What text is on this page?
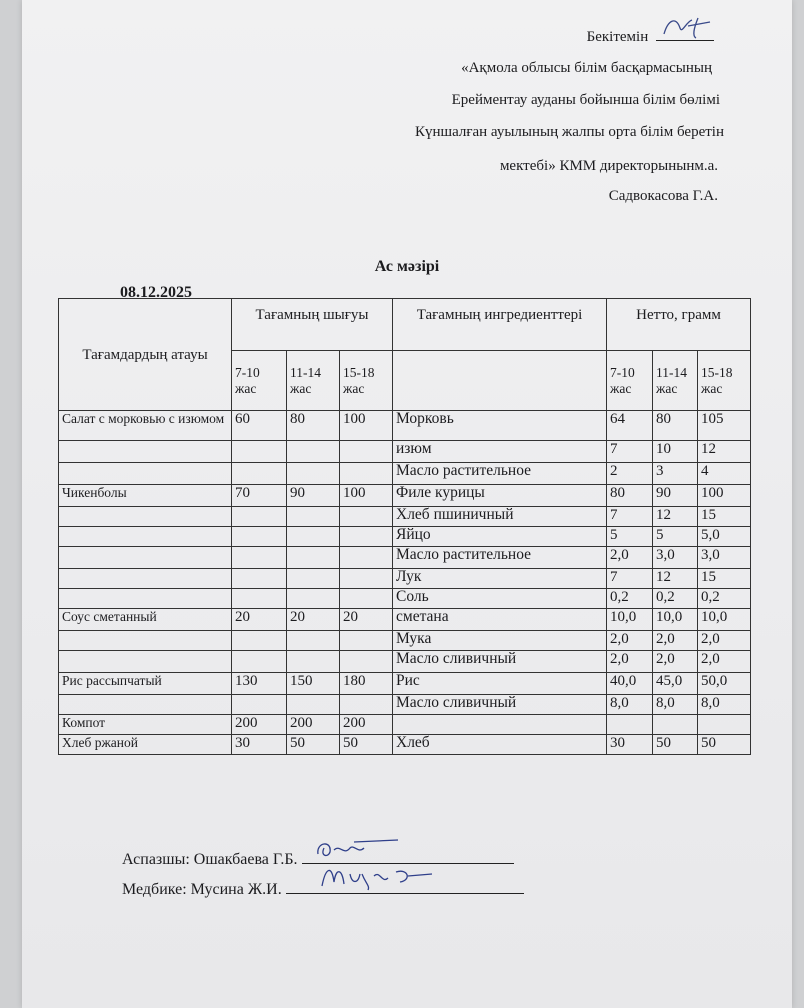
Бекітемін
«Ақмола облысы білім басқармасының
Ерейментау ауданы бойынша білім бөлімі
Күншалған ауылының жалпы орта білім беретін
мектебі» КММ директорынынм.а.
Садвокасова Г.А.
Ас мәзірі
08.12.2025
Тағамдардың атауы	Тағамның шығуы			Тағамның ингредиенттері	Нетто, грамм		
	7-10 жас	11-14 жас	15-18 жас		7-10 жас	11-14 жас	15-18 жас
Салат с морковью с изюмом	60	80	100	Морковь	64	80	105
				изюм	7	10	12
				Масло растительное	2	3	4
Чикенболы	70	90	100	Филе курицы	80	90	100
				Хлеб пшиничный	7	12	15
				Яйцо	5	5	5,0
				Масло растительное	2,0	3,0	3,0
				Лук	7	12	15
				Соль	0,2	0,2	0,2
Соус сметанный	20	20	20	сметана	10,0	10,0	10,0
				Мука	2,0	2,0	2,0
				Масло сливичный	2,0	2,0	2,0
Рис рассыпчатый	130	150	180	Рис	40,0	45,0	50,0
				Масло сливичный	8,0	8,0	8,0
Компот	200	200	200				
Хлеб ржаной	30	50	50	Хлеб	30	50	50
Аспазшы: Ошакбаева Г.Б.
Медбике: Мусина Ж.И.
